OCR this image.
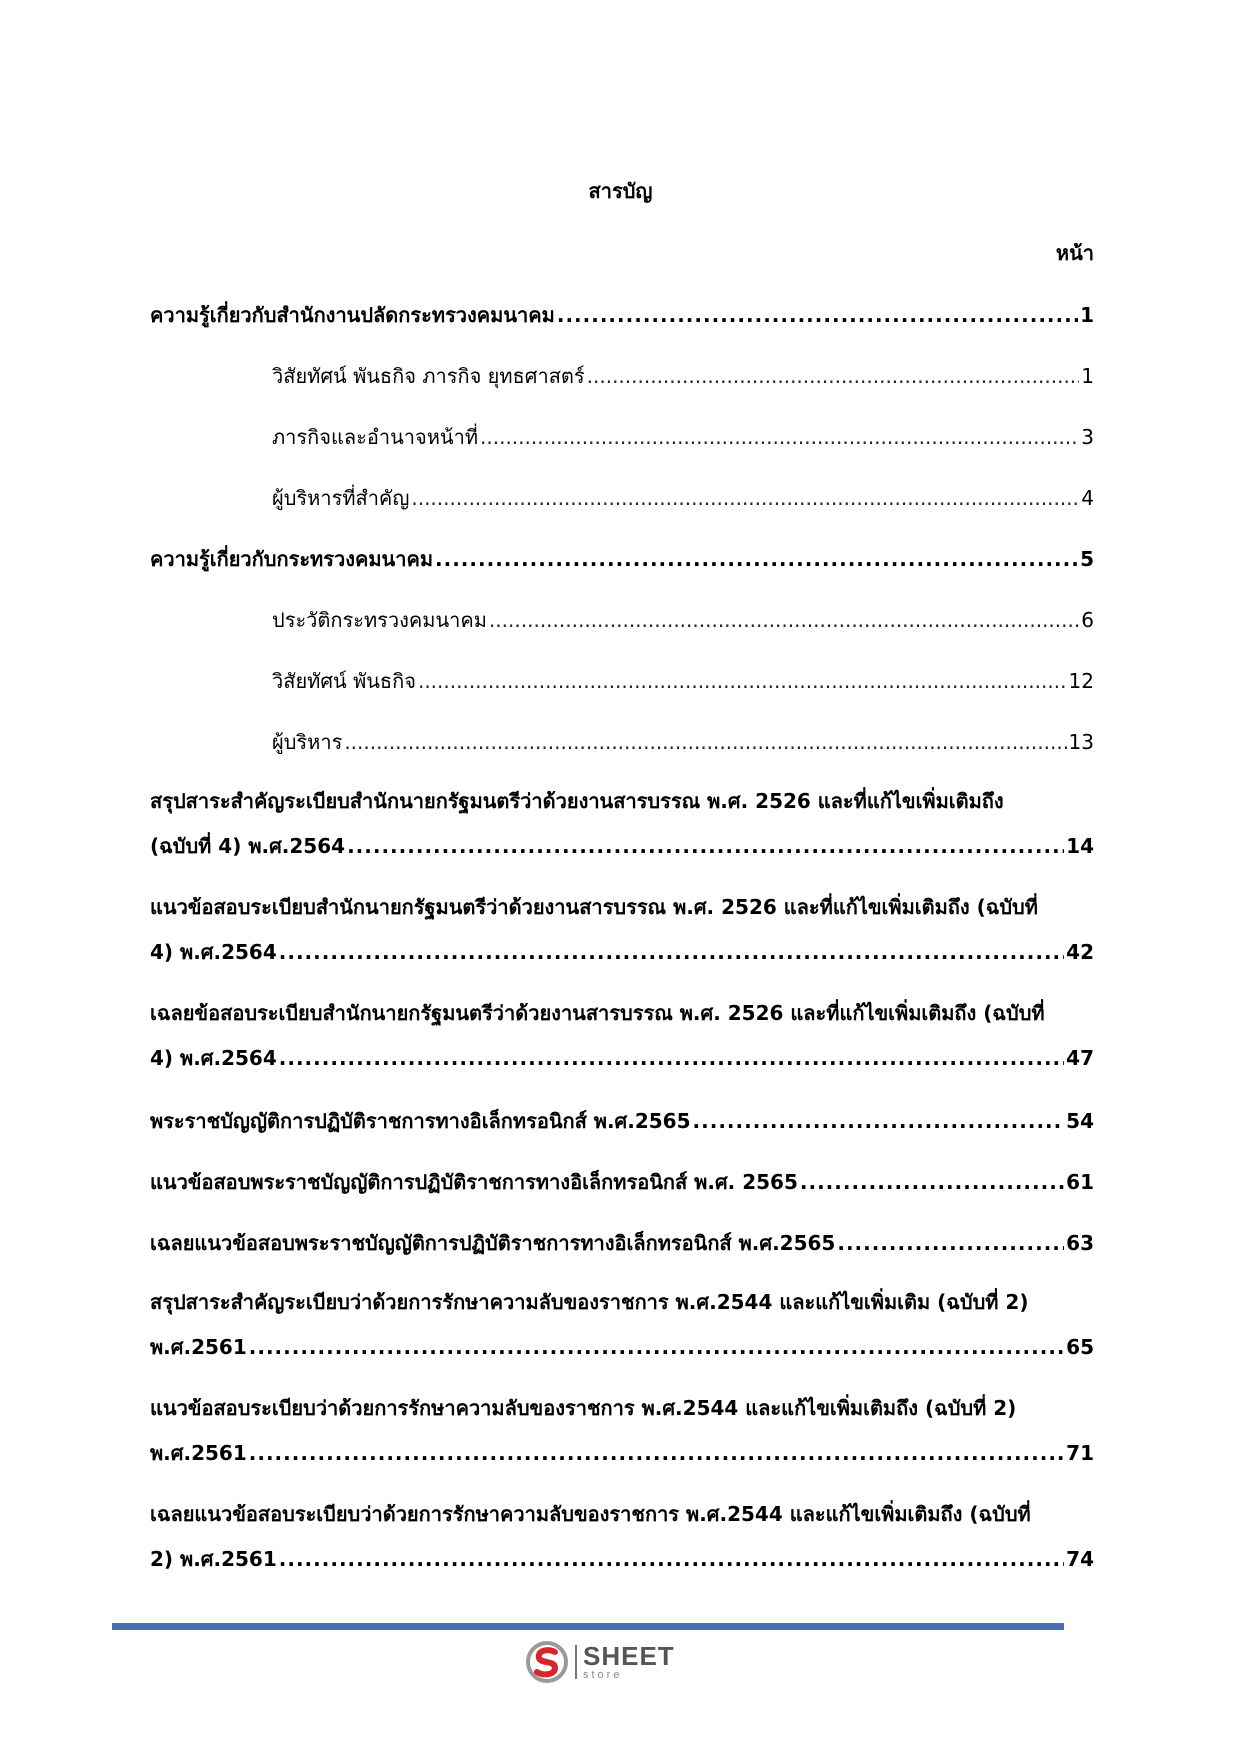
สารบัญ
หน้า
ความรู้เกี่ยวกับสำนักงานปลัดกระทรวงคมนาคม .....	1
วิสัยทัศน์ พันธกิจ ภารกิจ ยุทธศาสตร์ .....	1
ภารกิจและอำนาจหน้าที่ .....	3
ผู้บริหารที่สำคัญ .....	4
ความรู้เกี่ยวกับกระทรวงคมนาคม .....	5
ประวัติกระทรวงคมนาคม .....	6
วิสัยทัศน์ พันธกิจ .....	12
ผู้บริหาร .....	13
สรุปสาระสำคัญระเบียบสำนักนายกรัฐมนตรีว่าด้วยงานสารบรรณ พ.ศ. 2526 และที่แก้ไขเพิ่มเติมถึง
(ฉบับที่ 4) พ.ศ.2564 .....	14
แนวข้อสอบระเบียบสำนักนายกรัฐมนตรีว่าด้วยงานสารบรรณ พ.ศ. 2526 และที่แก้ไขเพิ่มเติมถึง (ฉบับที่
4) พ.ศ.2564 .....	42
เฉลยข้อสอบระเบียบสำนักนายกรัฐมนตรีว่าด้วยงานสารบรรณ พ.ศ. 2526 และที่แก้ไขเพิ่มเติมถึง (ฉบับที่
4) พ.ศ.2564 .....	47
พระราชบัญญัติการปฏิบัติราชการทางอิเล็กทรอนิกส์ พ.ศ.2565 .....	54
แนวข้อสอบพระราชบัญญัติการปฏิบัติราชการทางอิเล็กทรอนิกส์ พ.ศ. 2565 .....	61
เฉลยแนวข้อสอบพระราชบัญญัติการปฏิบัติราชการทางอิเล็กทรอนิกส์ พ.ศ.2565 .....	63
สรุปสาระสำคัญระเบียบว่าด้วยการรักษาความลับของราชการ พ.ศ.2544 และแก้ไขเพิ่มเติม (ฉบับที่ 2)
พ.ศ.2561 .....	65
แนวข้อสอบระเบียบว่าด้วยการรักษาความลับของราชการ พ.ศ.2544 และแก้ไขเพิ่มเติมถึง (ฉบับที่ 2)
พ.ศ.2561 .....	71
เฉลยแนวข้อสอบระเบียบว่าด้วยการรักษาความลับของราชการ พ.ศ.2544 และแก้ไขเพิ่มเติมถึง (ฉบับที่
2) พ.ศ.2561 .....	74
SHEET
store
